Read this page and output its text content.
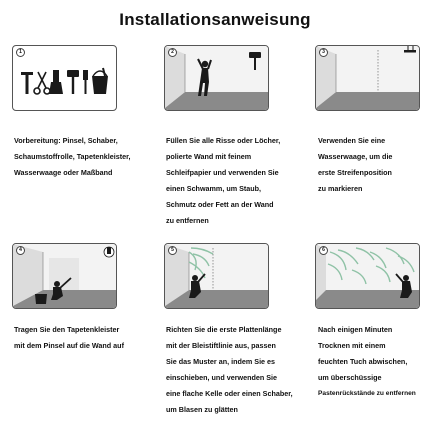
Installationsanweisung
1	2	3
4	5	6
Vorbereitung: Pinsel, Schaber,
Schaumstoffrolle, Tapetenkleister,
Wasserwaage oder Maßband
Füllen Sie alle Risse oder Löcher,
polierte Wand mit feinem
Schleifpapier und verwenden Sie
einen Schwamm, um Staub,
Schmutz oder Fett an der Wand
zu entfernen
Verwenden Sie eine
Wasserwaage, um die
erste Streifenposition
zu markieren
Tragen Sie den Tapetenkleister
mit dem Pinsel auf die Wand auf
Richten Sie die erste Plattenlänge
mit der Bleistiftlinie aus, passen
Sie das Muster an, indem Sie es
einschieben, und verwenden Sie
eine flache Kelle oder einen Schaber,
um Blasen zu glätten
Nach einigen Minuten
Trocknen mit einem
feuchten Tuch abwischen,
um überschüssige
Pastenrückstände zu entfernen
